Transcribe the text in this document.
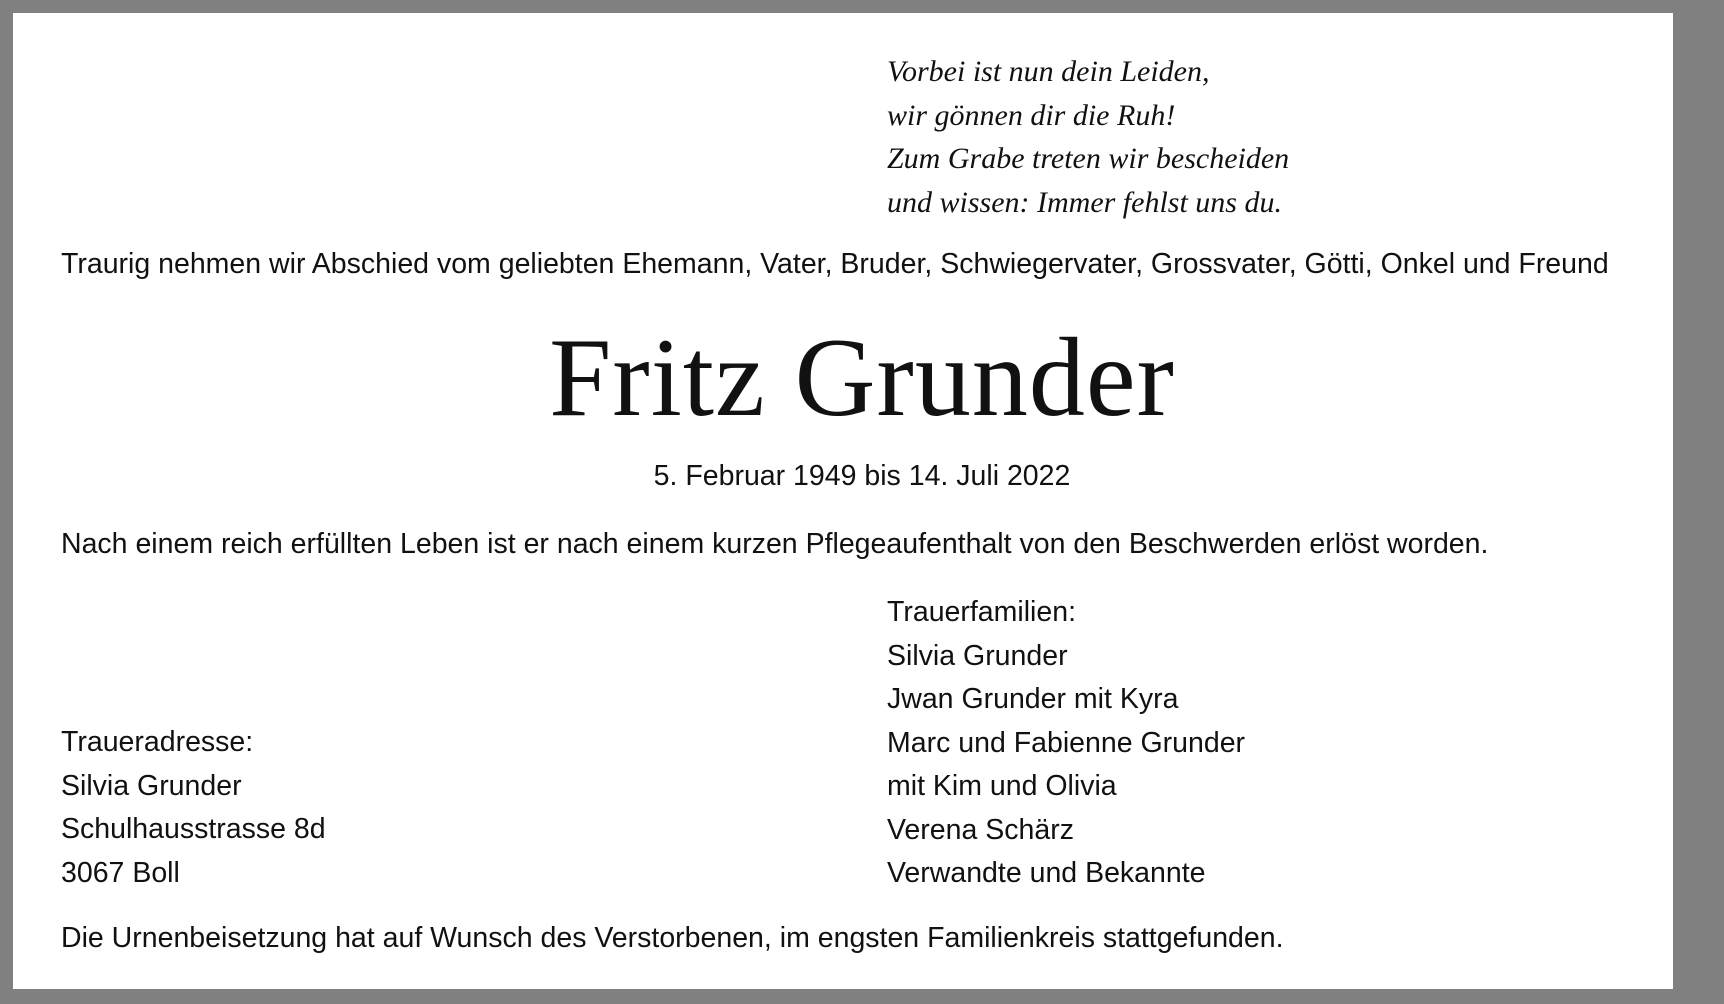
Vorbei ist nun dein Leiden,
wir gönnen dir die Ruh!
Zum Grabe treten wir bescheiden
und wissen: Immer fehlst uns du.
Traurig nehmen wir Abschied vom geliebten Ehemann, Vater, Bruder, Schwiegervater, Grossvater, Götti, Onkel und Freund
Fritz Grunder
5. Februar 1949 bis 14. Juli 2022
Nach einem reich erfüllten Leben ist er nach einem kurzen Pflegeaufenthalt von den Beschwerden erlöst worden.
Trauerfamilien:
Silvia Grunder
Jwan Grunder mit Kyra
Marc und Fabienne Grunder
mit Kim und Olivia
Verena Schärz
Verwandte und Bekannte
Traueradresse:
Silvia Grunder
Schulhausstrasse 8d
3067 Boll
Die Urnenbeisetzung hat auf Wunsch des Verstorbenen, im engsten Familienkreis stattgefunden.
